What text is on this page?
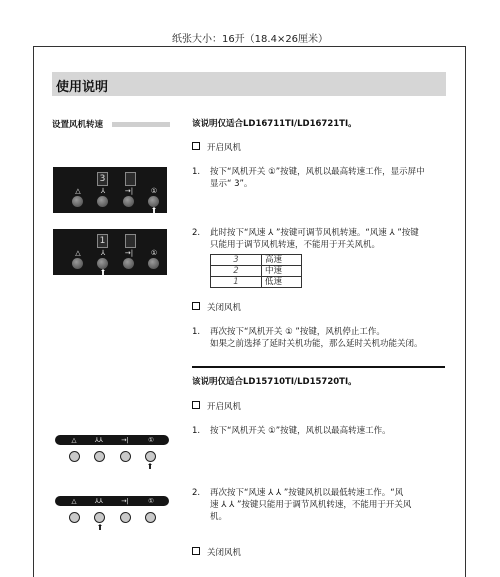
纸张大小：16开（18.4×26厘米）
使用说明
设置风机转速	该说明仅适合LD16711TI/LD16721TI。
开启风机
1. 按下“风机开关 ①”按键，风机以最高转速工作，显示屏中
显示“ 3”。
2. 此时按下“风速 ⅄ ”按键可调节风机转速。“风速 ⅄ ”按键
只能用于调节风机转速，不能用于开关风机。
3	高速
2	中速
1	低速
关闭风机
1. 再次按下“风机开关 ① ”按键，风机停止工作。
如果之前选择了延时关机功能，那么延时关机功能关闭。
该说明仅适合LD15710TI/LD15720TI。
开启风机
1. 按下“风机开关 ①”按键，风机以最高转速工作。
2. 再次按下“风速 ⅄ ⅄ ”按键风机以最低转速工作。“风
速 ⅄ ⅄ ”按键只能用于调节风机转速，不能用于开关风
机。
关闭风机
3
△	⅄	→|	①
⬆
1
△	⅄	→|	①
⬆
△	⅄⅄	→|	①
⬆
△	⅄⅄	→|	①
⬆
